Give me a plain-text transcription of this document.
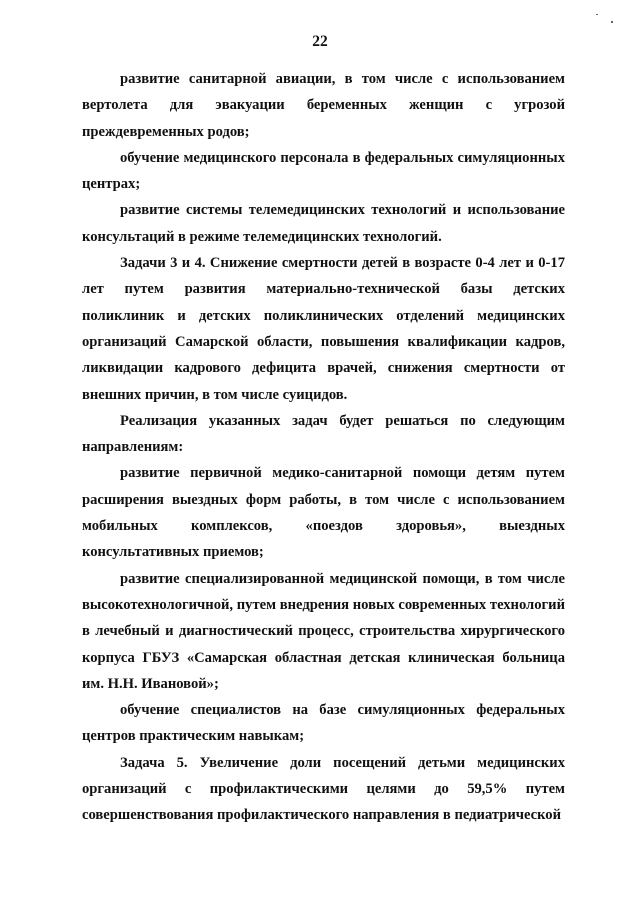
22

развитие санитарной авиации, в том числе с использованием вертолета для эвакуации беременных женщин с угрозой преждевременных родов;

обучение медицинского персонала в федеральных симуляционных центрах;

развитие системы телемедицинских технологий и использование консультаций в режиме телемедицинских технологий.

Задачи 3 и 4. Снижение смертности детей в возрасте 0-4 лет и 0-17 лет путем развития материально-технической базы детских поликлиник и детских поликлинических отделений медицинских организаций Самарской области, повышения квалификации кадров, ликвидации кадрового дефицита врачей, снижения смертности от внешних причин, в том числе суицидов.

Реализация указанных задач будет решаться по следующим направлениям:

развитие первичной медико-санитарной помощи детям путем расширения выездных форм работы, в том числе с использованием мобильных комплексов, «поездов здоровья», выездных консультативных приемов;

развитие специализированной медицинской помощи, в том числе высокотехнологичной, путем внедрения новых современных технологий в лечебный и диагностический процесс, строительства хирургического корпуса ГБУЗ «Самарская областная детская клиническая больница им. Н.Н. Ивановой»;

обучение специалистов на базе симуляционных федеральных центров практическим навыкам;

Задача 5. Увеличение доли посещений детьми медицинских организаций с профилактическими целями до 59,5% путем совершенствования профилактического направления в педиатрической
